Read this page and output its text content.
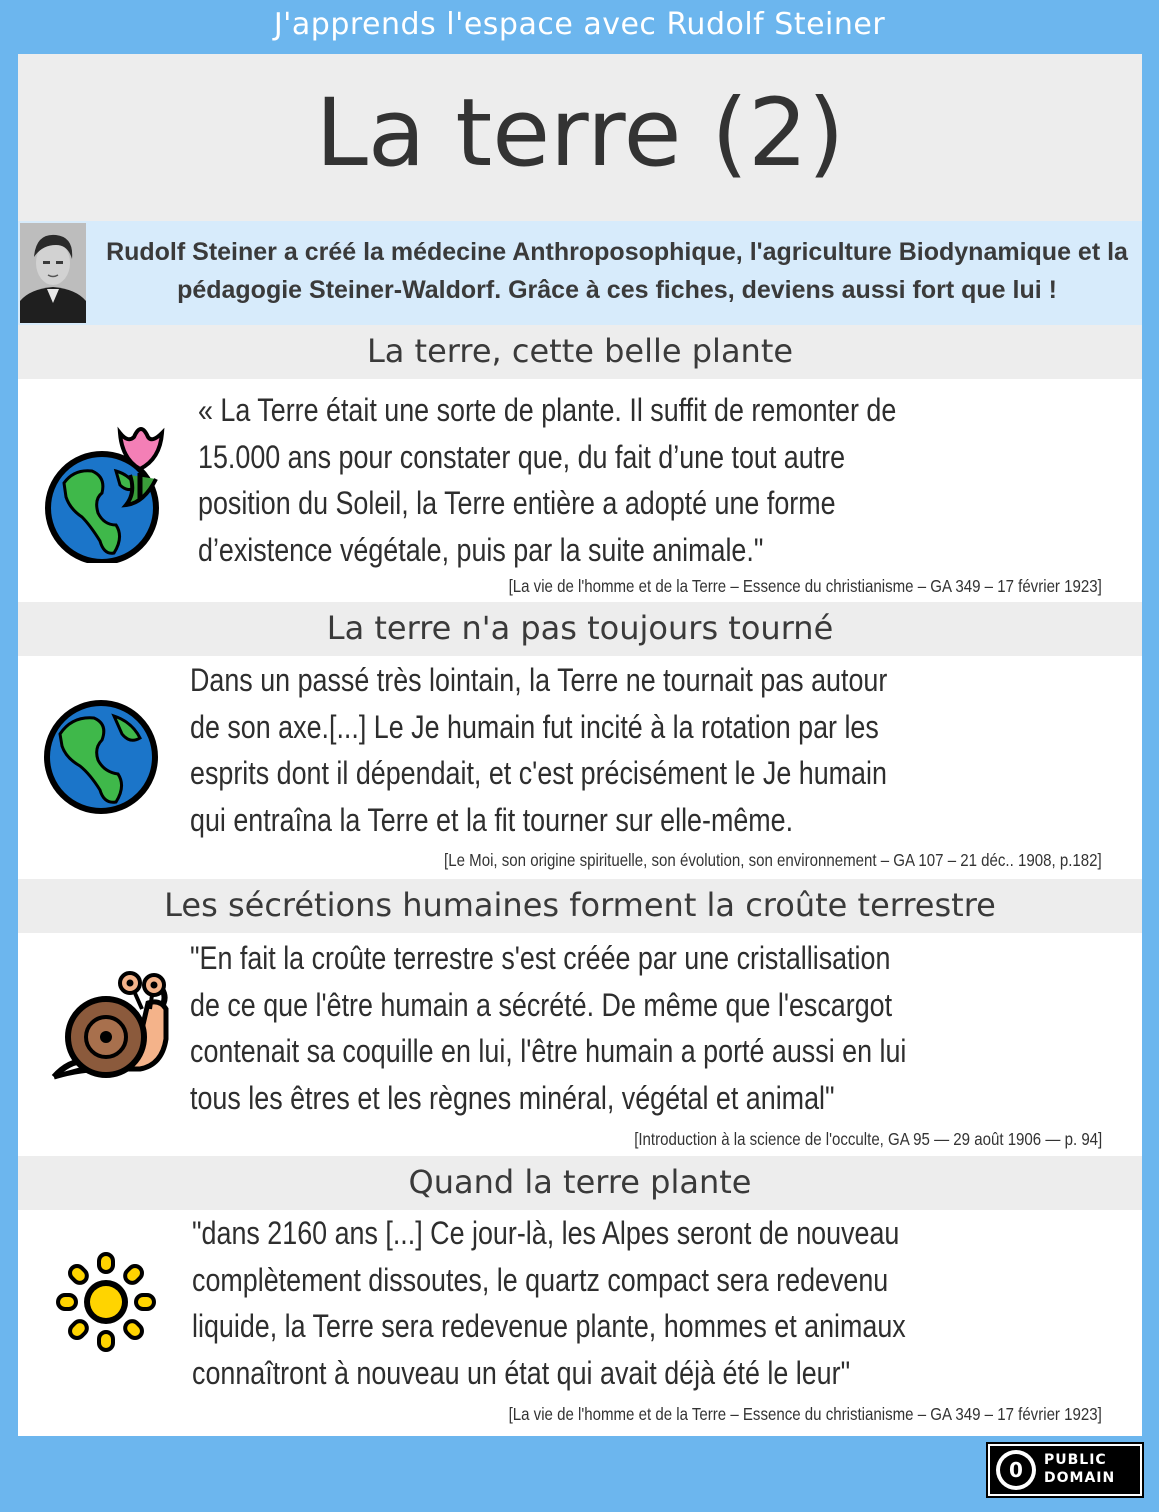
J'apprends l'espace avec Rudolf Steiner
La terre (2)
Rudolf Steiner a créé la médecine Anthroposophique, l'agriculture Biodynamique et la
pédagogie Steiner-Waldorf. Grâce à ces fiches, deviens aussi fort que lui !
La terre, cette belle plante
« La Terre était une sorte de plante. Il suffit de remonter de
15.000 ans pour constater que, du fait d’une tout autre
position du Soleil, la Terre entière a adopté une forme
d’existence végétale, puis par la suite animale."
[La vie de l'homme et de la Terre – Essence du christianisme – GA 349 – 17 février 1923]
La terre n'a pas toujours tourné
Dans un passé très lointain, la Terre ne tournait pas autour
de son axe.[...] Le Je humain fut incité à la rotation par les
esprits dont il dépendait, et c'est précisément le Je humain
qui entraîna la Terre et la fit tourner sur elle-même.
[Le Moi, son origine spirituelle, son évolution, son environnement – GA 107 – 21 déc.. 1908, p.182]
Les sécrétions humaines forment la croûte terrestre
"En fait la croûte terrestre s'est créée par une cristallisation
de ce que l'être humain a sécrété. De même que l'escargot
contenait sa coquille en lui, l'être humain a porté aussi en lui
tous les êtres et les règnes minéral, végétal et animal"
[Introduction à la science de l'occulte, GA 95 — 29 août 1906 — p. 94]
Quand la terre plante
"dans 2160 ans [...] Ce jour-là, les Alpes seront de nouveau
complètement dissoutes, le quartz compact sera redevenu
liquide, la Terre sera redevenue plante, hommes et animaux
connaîtront à nouveau un état qui avait déjà été le leur"
[La vie de l'homme et de la Terre – Essence du christianisme – GA 349 – 17 février 1923]
0	PUBLIC
DOMAIN
